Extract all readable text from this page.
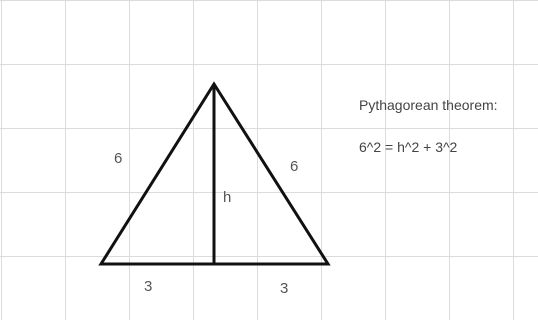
6	6
h
3	3
Pythagorean theorem:
6^2 = h^2 + 3^2
